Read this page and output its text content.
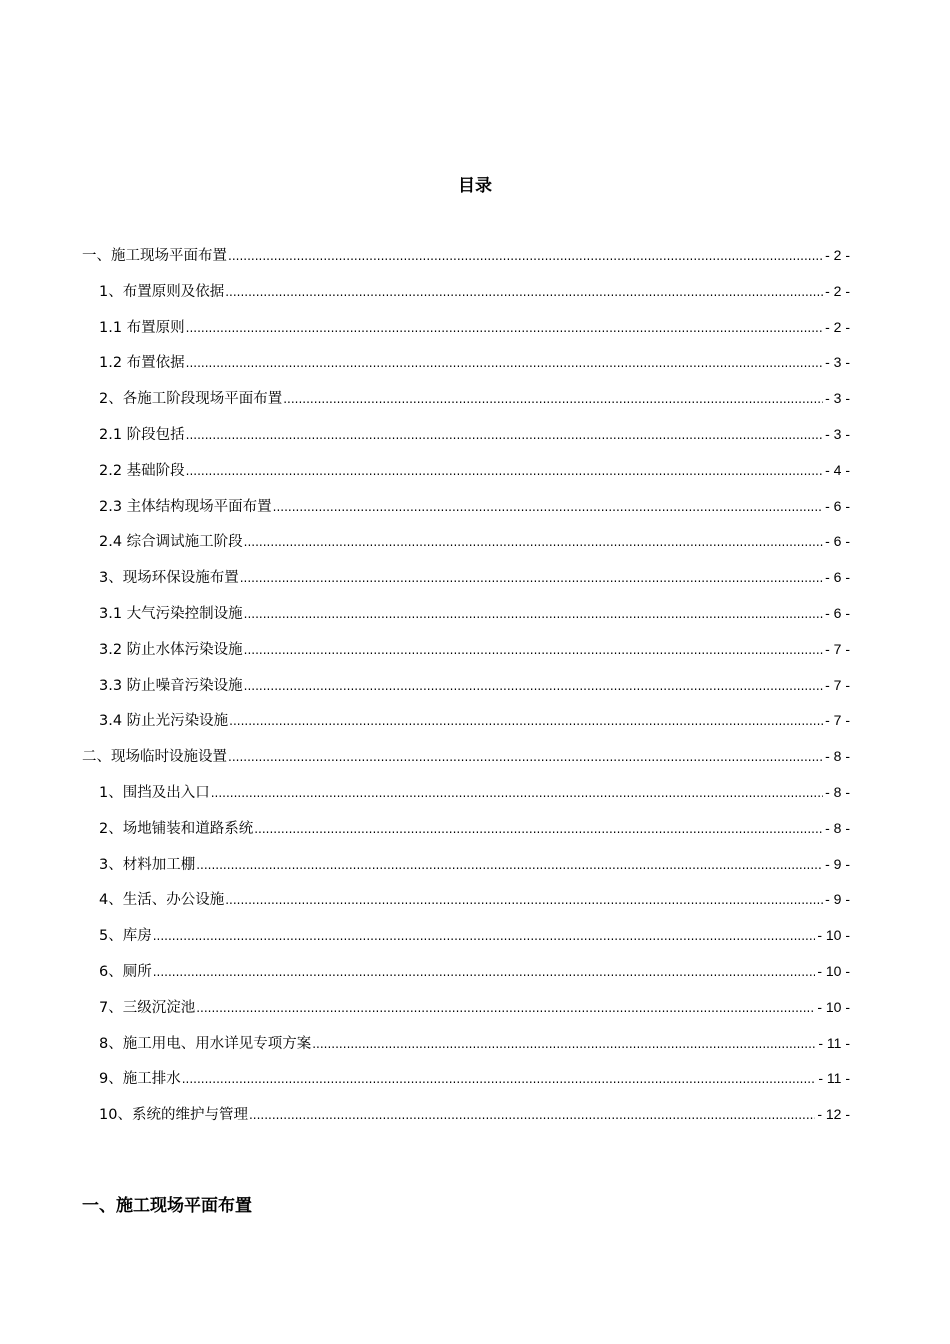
目录
一、施工现场平面布置 .....	- 2 -
1、布置原则及依据 .....	- 2 -
1.1 布置原则 .....	- 2 -
1.2 布置依据 .....	- 3 -
2、各施工阶段现场平面布置 .....	- 3 -
2.1 阶段包括 .....	- 3 -
2.2 基础阶段 .....	- 4 -
2.3 主体结构现场平面布置 .....	- 6 -
2.4 综合调试施工阶段 .....	- 6 -
3、现场环保设施布置 .....	- 6 -
3.1 大气污染控制设施 .....	- 6 -
3.2 防止水体污染设施 .....	- 7 -
3.3 防止噪音污染设施 .....	- 7 -
3.4 防止光污染设施 .....	- 7 -
二、现场临时设施设置 .....	- 8 -
1、围挡及出入口 .....	- 8 -
2、场地铺装和道路系统 .....	- 8 -
3、材料加工棚 .....	- 9 -
4、生活、办公设施 .....	- 9 -
5、库房 .....	- 10 -
6、厕所 .....	- 10 -
7、三级沉淀池 .....	- 10 -
8、施工用电、用水详见专项方案 .....	- 11 -
9、施工排水 .....	- 11 -
10、系统的维护与管理 .....	- 12 -
一、施工现场平面布置
